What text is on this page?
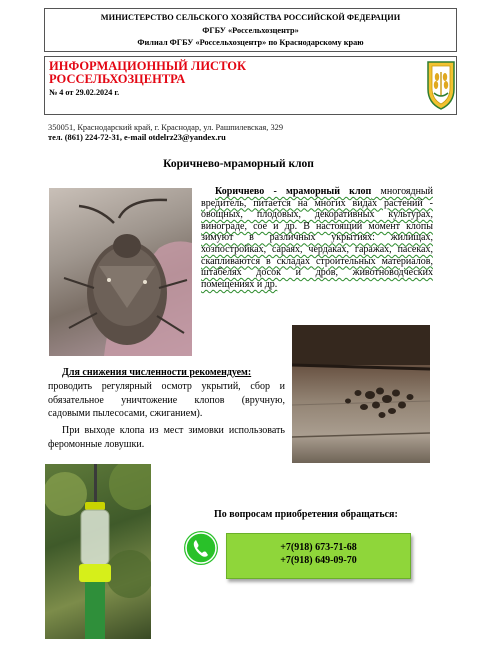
МИНИСТЕРСТВО СЕЛЬСКОГО ХОЗЯЙСТВА РОССИЙСКОЙ ФЕДЕРАЦИИ
ФГБУ «Россельхозцентр»
Филиал ФГБУ «Россельхозцентр» по Краснодарскому краю
ИНФОРМАЦИОННЫЙ ЛИСТОК
РОССЕЛЬХОЗЦЕНТРА
№ 4 от 29.02.2024 г.
350051, Краснодарский край, г. Краснодар, ул. Рашпилевская, 329
тел. (861) 224-72-31, e-mail otdelrz23@yandex.ru
Коричнево-мраморный клоп
Коричнево - мраморный клоп многоядный вредитель, питается на многих видах растений - овощных, плодовых, декоративных культурах, винограде, сое и др. В настоящий момент клопы зимуют в различных укрытиях: жилищах, хозпостройках, сараях, чердаках, гаражах, пасеках, скапливаются в складах строительных материалов, штабелях досок и дров, животноводческих помещениях и др.

Для снижения численности рекомендуем:

проводить регулярный осмотр укрытий, сбор и обязательное уничтожение клопов (вручную, садовыми пылесосами, сжиганием).

При выходе клопа из мест зимовки использовать феромонные ловушки.
По вопросам приобретения обращаться:
+7(918) 673-71-68
+7(918) 649-09-70
